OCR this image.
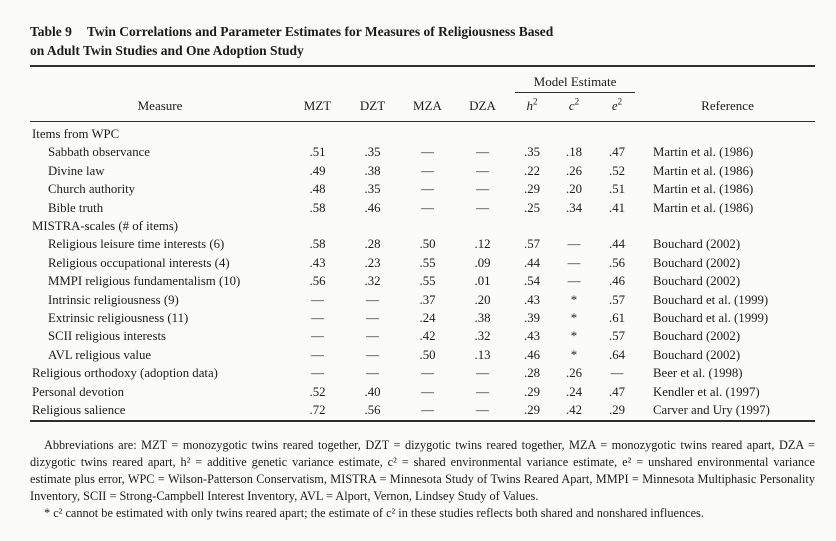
Table 9 Twin Correlations and Parameter Estimates for Measures of Religiousness Based
on Adult Twin Studies and One Adoption Study

					Model Estimate			

Measure	MZT	DZT	MZA	DZA	$h^2$	$c^2$	$e^2$	Reference
Items from WPC								
Sabbath observance	.51	.35	—	—	.35	.18	.47	Martin et al. (1986)
Divine law	.49	.38	—	—	.22	.26	.52	Martin et al. (1986)
Church authority	.48	.35	—	—	.29	.20	.51	Martin et al. (1986)
Bible truth	.58	.46	—	—	.25	.34	.41	Martin et al. (1986)
MISTRA-scales (# of items)								
Religious leisure time interests (6)	.58	.28	.50	.12	.57	—	.44	Bouchard (2002)
Religious occupational interests (4)	.43	.23	.55	.09	.44	—	.56	Bouchard (2002)
MMPI religious fundamentalism (10)	.56	.32	.55	.01	.54	—	.46	Bouchard (2002)
Intrinsic religiousness (9)	—	—	.37	.20	.43	*	.57	Bouchard et al. (1999)
Extrinsic religiousness (11)	—	—	.24	.38	.39	*	.61	Bouchard et al. (1999)
SCII religious interests	—	—	.42	.32	.43	*	.57	Bouchard (2002)
AVL religious value	—	—	.50	.13	.46	*	.64	Bouchard (2002)
Religious orthodoxy (adoption data)	—	—	—	—	.28	.26	—	Beer et al. (1998)
Personal devotion	.52	.40	—	—	.29	.24	.47	Kendler et al. (1997)
Religious salience	.72	.56	—	—	.29	.42	.29	Carver and Ury (1997)

Abbreviations are: MZT = monozygotic twins reared together, DZT = dizygotic twins reared together, MZA = monozygotic twins reared apart, DZA = dizygotic twins reared apart, h² = additive genetic variance estimate, c² = shared environmental variance estimate, e² = unshared environmental variance estimate plus error, WPC = Wilson-Patterson Conservatism, MISTRA = Minnesota Study of Twins Reared Apart, MMPI = Minnesota Multiphasic Personality Inventory, SCII = Strong-Campbell Interest Inventory, AVL = Alport, Vernon, Lindsey Study of Values.

* c² cannot be estimated with only twins reared apart; the estimate of c² in these studies reflects both shared and nonshared influences.
